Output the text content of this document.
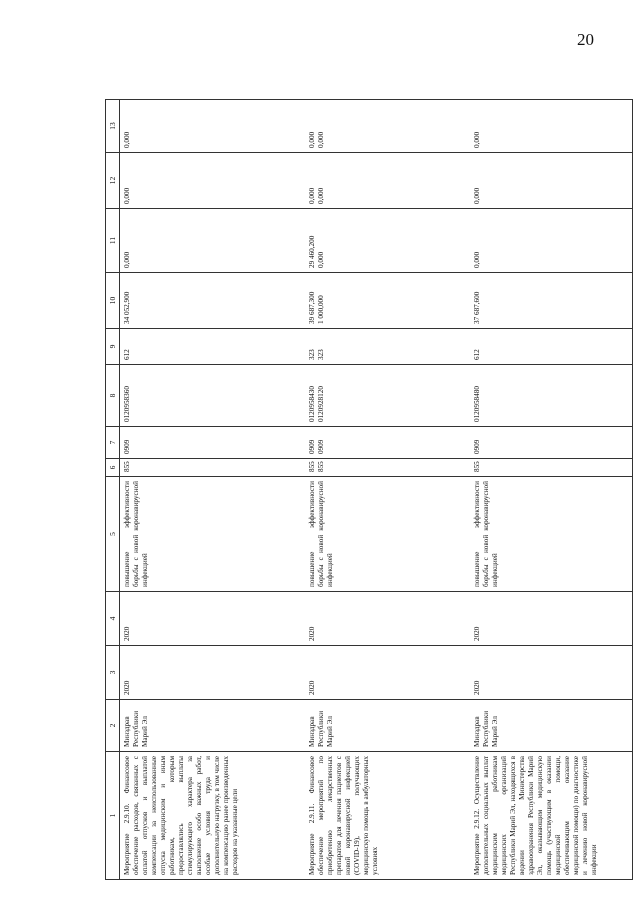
20
1	2	3	4	5	6	7	8	9	10	11	12	13
Мероприятие 2.9.10. Финансовое обеспечение расходов, связанных с оплатой отпусков и выплатой компенсации за неиспользованные отпуска медицинским и иным работникам, которым предоставлялись выплаты стимулирующего характера за выполнение особо важных работ, особые условия труда и дополнительную нагрузку, в том числе на компенсацию ранее произведенных расходов на указанные цели	Минздрав Республики Марий Эл	2020	2020	повышение эффективности борьбы с новой коронавирусной инфекцией	855	0909	0120958360	612	34 052,900	0,000	0,000	0,000

Мероприятие 2.9.11. Финансовое обеспечение мероприятий по приобретению лекарственных препаратов для лечения пациентов с новой коронавирусной инфекцией (COVID-19), получающих медицинскую помощь в амбулаторных условиях	Минздрав Республики Марий Эл	2020	2020	повышение эффективности борьбы с новой коронавирусной инфекцией	855 855	0909 0909	0120958430 0120928120	323 323	39 687,300 1 000,000	29 460,200 0,000	0,000 0,000	0,000 0,000

Мероприятие 2.9.12. Осуществление дополнительных социальных выплат медицинским работникам медицинских организаций Республики Марий Эл, находящихся в ведении Министерства здравоохранения Республики Марий Эл, оказывающим медицинскую помощь (участвующим в оказании медицинской помощи, обеспечивающим оказание медицинской помощи) по диагностике и лечению новой коронавирусной инфекции	Минздрав Республики Марий Эл	2020	2020	повышение эффективности борьбы с новой коронавирусной инфекцией	855	0909	0120958480	612	37 687,600	0,000	0,000	0,000
